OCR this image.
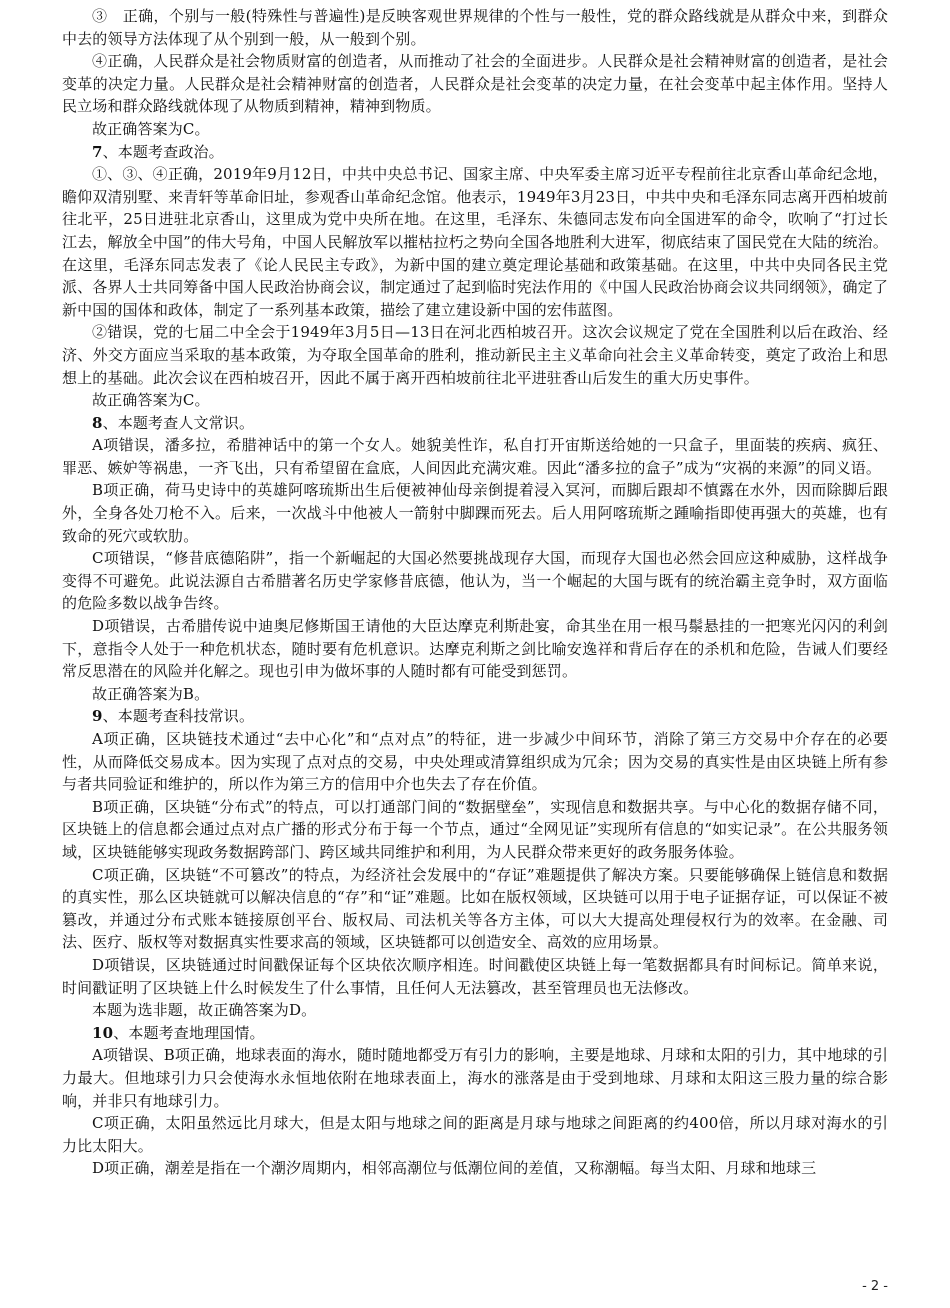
③　正确，个别与一般(特殊性与普遍性)是反映客观世界规律的个性与一般性，党的群众路线就是从群众中来，到群众中去的领导方法体现了从个别到一般，从一般到个别。

④正确，人民群众是社会物质财富的创造者，从而推动了社会的全面进步。人民群众是社会精神财富的创造者，是社会变革的决定力量。人民群众是社会精神财富的创造者，人民群众是社会变革的决定力量，在社会变革中起主体作用。坚持人民立场和群众路线就体现了从物质到精神，精神到物质。

故正确答案为C。

7、本题考查政治。

①、③、④正确，2019年9月12日，中共中央总书记、国家主席、中央军委主席习近平专程前往北京香山革命纪念地，瞻仰双清别墅、来青轩等革命旧址，参观香山革命纪念馆。他表示，1949年3月23日，中共中央和毛泽东同志离开西柏坡前往北平，25日进驻北京香山，这里成为党中央所在地。在这里，毛泽东、朱德同志发布向全国进军的命令，吹响了“打过长江去，解放全中国”的伟大号角，中国人民解放军以摧枯拉朽之势向全国各地胜利大进军，彻底结束了国民党在大陆的统治。在这里，毛泽东同志发表了《论人民民主专政》，为新中国的建立奠定理论基础和政策基础。在这里，中共中央同各民主党派、各界人士共同筹备中国人民政治协商会议，制定通过了起到临时宪法作用的《中国人民政治协商会议共同纲领》，确定了新中国的国体和政体，制定了一系列基本政策，描绘了建立建设新中国的宏伟蓝图。

②错误，党的七届二中全会于1949年3月5日—13日在河北西柏坡召开。这次会议规定了党在全国胜利以后在政治、经济、外交方面应当采取的基本政策，为夺取全国革命的胜利，推动新民主主义革命向社会主义革命转变，奠定了政治上和思想上的基础。此次会议在西柏坡召开，因此不属于离开西柏坡前往北平进驻香山后发生的重大历史事件。

故正确答案为C。

8、本题考查人文常识。

A项错误，潘多拉，希腊神话中的第一个女人。她貌美性诈，私自打开宙斯送给她的一只盒子，里面装的疾病、疯狂、罪恶、嫉妒等祸患，一齐飞出，只有希望留在盒底，人间因此充满灾难。因此“潘多拉的盒子”成为“灾祸的来源”的同义语。

B项正确，荷马史诗中的英雄阿喀琉斯出生后便被神仙母亲倒提着浸入冥河，而脚后跟却不慎露在水外，因而除脚后跟外，全身各处刀枪不入。后来，一次战斗中他被人一箭射中脚踝而死去。后人用阿喀琉斯之踵喻指即使再强大的英雄，也有致命的死穴或软肋。

C项错误，“修昔底德陷阱”，指一个新崛起的大国必然要挑战现存大国，而现存大国也必然会回应这种威胁，这样战争变得不可避免。此说法源自古希腊著名历史学家修昔底德，他认为，当一个崛起的大国与既有的统治霸主竞争时，双方面临的危险多数以战争告终。

D项错误，古希腊传说中迪奥尼修斯国王请他的大臣达摩克利斯赴宴，命其坐在用一根马鬃悬挂的一把寒光闪闪的利剑下，意指令人处于一种危机状态，随时要有危机意识。达摩克利斯之剑比喻安逸祥和背后存在的杀机和危险，告诫人们要经常反思潜在的风险并化解之。现也引申为做坏事的人随时都有可能受到惩罚。

故正确答案为B。

9、本题考查科技常识。

A项正确，区块链技术通过“去中心化”和“点对点”的特征，进一步减少中间环节，消除了第三方交易中介存在的必要性，从而降低交易成本。因为实现了点对点的交易，中央处理或清算组织成为冗余；因为交易的真实性是由区块链上所有参与者共同验证和维护的，所以作为第三方的信用中介也失去了存在价值。

B项正确，区块链“分布式”的特点，可以打通部门间的“数据壁垒”，实现信息和数据共享。与中心化的数据存储不同，区块链上的信息都会通过点对点广播的形式分布于每一个节点，通过“全网见证”实现所有信息的“如实记录”。在公共服务领域，区块链能够实现政务数据跨部门、跨区域共同维护和利用，为人民群众带来更好的政务服务体验。

C项正确，区块链“不可篡改”的特点，为经济社会发展中的“存证”难题提供了解决方案。只要能够确保上链信息和数据的真实性，那么区块链就可以解决信息的“存”和“证”难题。比如在版权领域，区块链可以用于电子证据存证，可以保证不被篡改，并通过分布式账本链接原创平台、版权局、司法机关等各方主体，可以大大提高处理侵权行为的效率。在金融、司法、医疗、版权等对数据真实性要求高的领域，区块链都可以创造安全、高效的应用场景。

D项错误，区块链通过时间戳保证每个区块依次顺序相连。时间戳使区块链上每一笔数据都具有时间标记。简单来说，时间戳证明了区块链上什么时候发生了什么事情，且任何人无法篡改，甚至管理员也无法修改。

本题为选非题，故正确答案为D。

10、本题考查地理国情。

A项错误、B项正确，地球表面的海水，随时随地都受万有引力的影响，主要是地球、月球和太阳的引力，其中地球的引力最大。但地球引力只会使海水永恒地依附在地球表面上，海水的涨落是由于受到地球、月球和太阳这三股力量的综合影响，并非只有地球引力。

C项正确，太阳虽然远比月球大，但是太阳与地球之间的距离是月球与地球之间距离的约400倍，所以月球对海水的引力比太阳大。

D项正确，潮差是指在一个潮汐周期内，相邻高潮位与低潮位间的差值，又称潮幅。每当太阳、月球和地球三

- 2 -
